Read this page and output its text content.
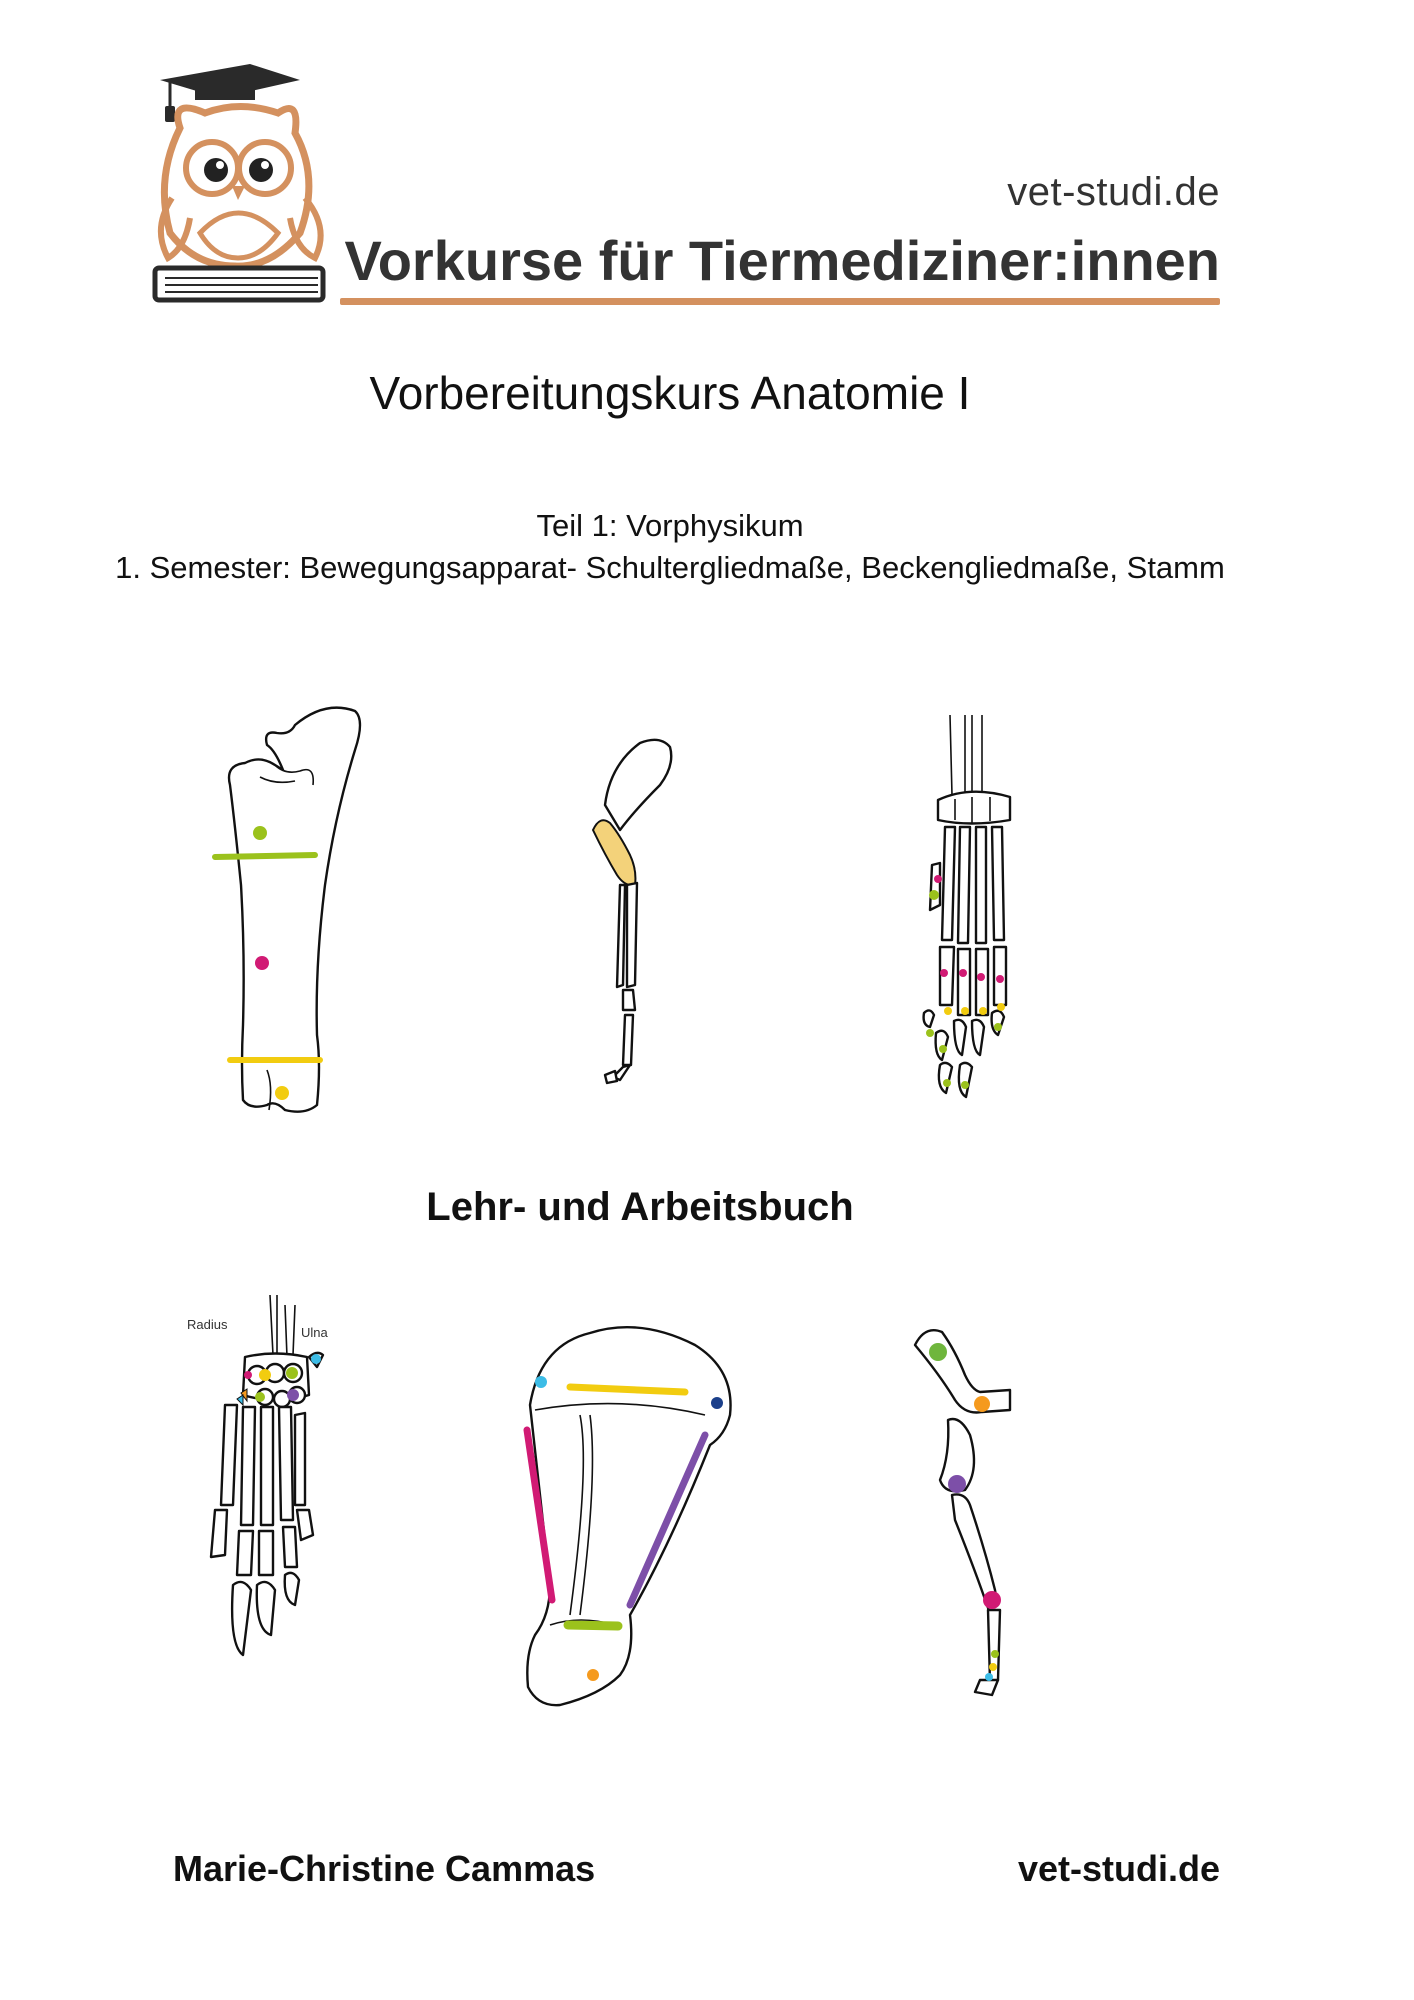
vet-studi.de
Vorkurse für Tiermediziner:innen
Vorbereitungskurs Anatomie I
Teil 1: Vorphysikum
1. Semester: Bewegungsapparat- Schultergliedmaße, Beckengliedmaße, Stamm
Lehr- und Arbeitsbuch
Radius
Ulna
Marie-Christine Cammas	vet-studi.de
